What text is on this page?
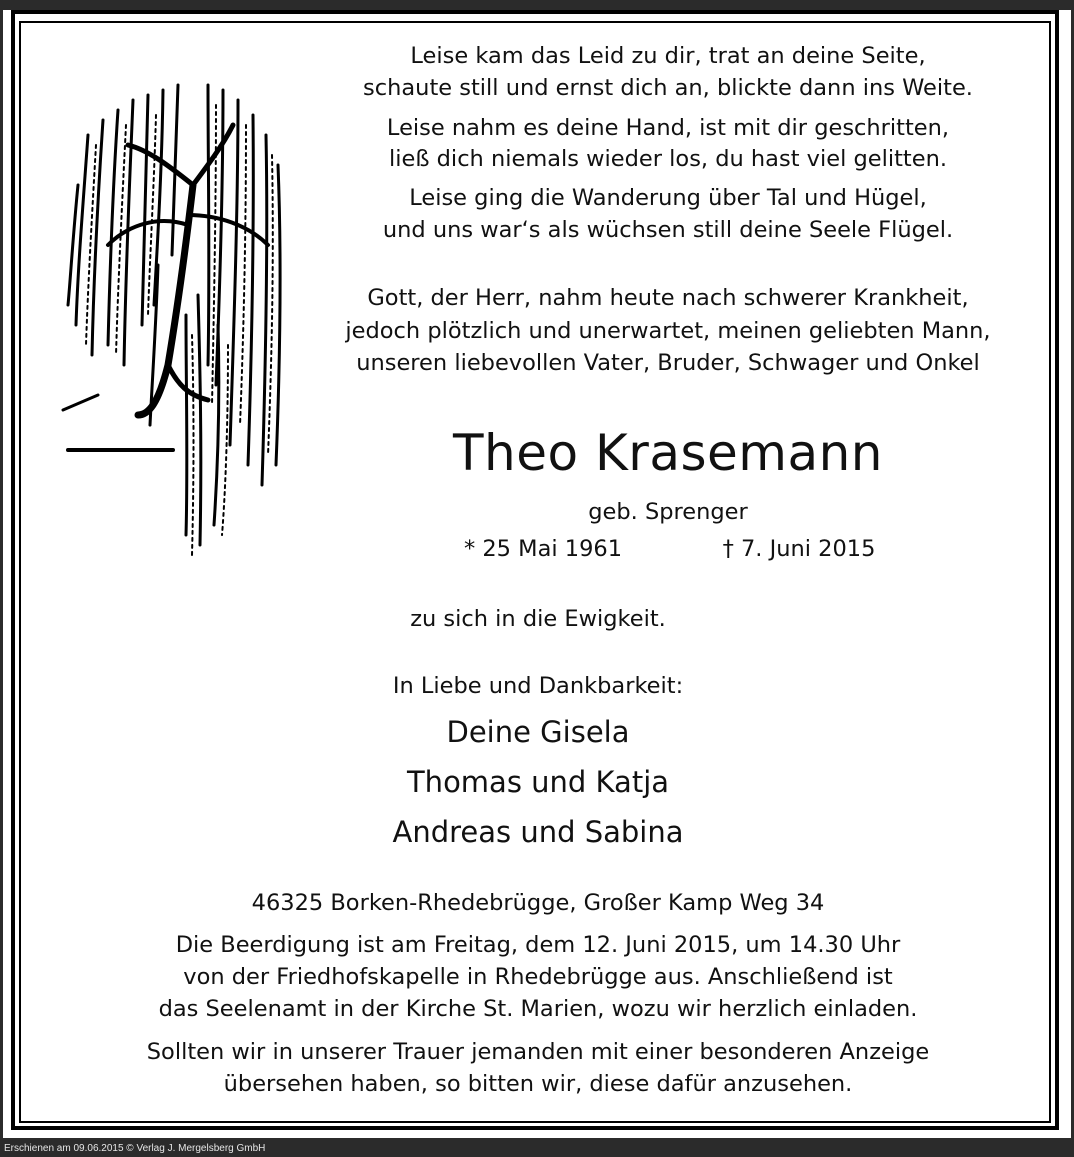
Leise kam das Leid zu dir, trat an deine Seite,
schaute still und ernst dich an, blickte dann ins Weite.
Leise nahm es deine Hand, ist mit dir geschritten,
ließ dich niemals wieder los, du hast viel gelitten.
Leise ging die Wanderung über Tal und Hügel,
und uns war‘s als wüchsen still deine Seele Flügel.
Gott, der Herr, nahm heute nach schwerer Krankheit,
jedoch plötzlich und unerwartet, meinen geliebten Mann,
unseren liebevollen Vater, Bruder, Schwager und Onkel
Theo Krasemann
geb. Sprenger
* 25 Mai 1961	† 7. Juni 2015
zu sich in die Ewigkeit.
In Liebe und Dankbarkeit:
Deine Gisela
Thomas und Katja
Andreas und Sabina
46325 Borken-Rhedebrügge, Großer Kamp Weg 34
Die Beerdigung ist am Freitag, dem 12. Juni 2015, um 14.30 Uhr
von der Friedhofskapelle in Rhedebrügge aus. Anschließend ist
das Seelenamt in der Kirche St. Marien, wozu wir herzlich einladen.
Sollten wir in unserer Trauer jemanden mit einer besonderen Anzeige
übersehen haben, so bitten wir, diese dafür anzusehen.
Erschienen am 09.06.2015 © Verlag J. Mergelsberg GmbH
